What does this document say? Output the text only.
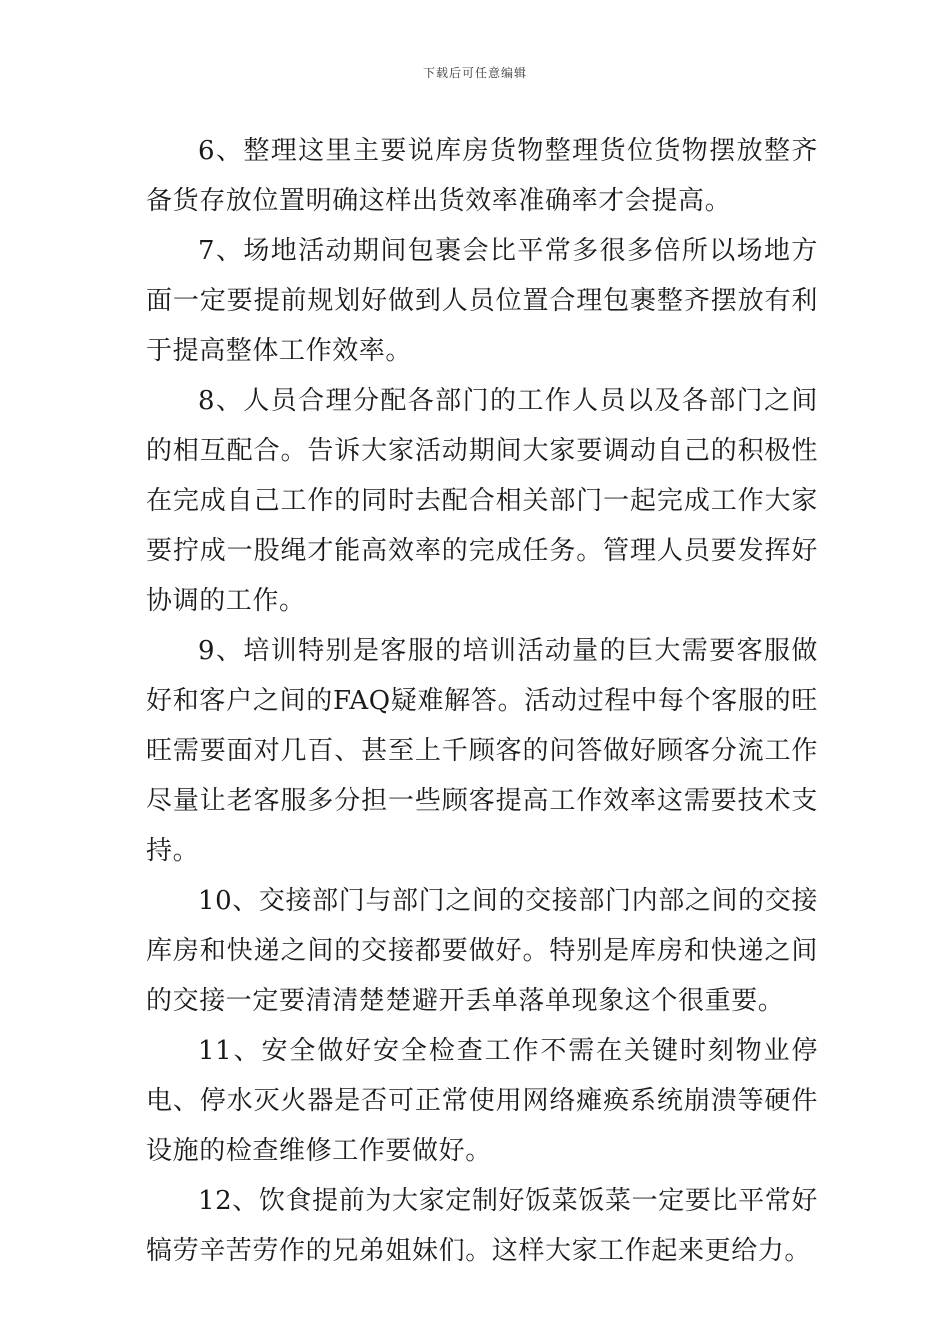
下载后可任意编辑

6、整理这里主要说库房货物整理货位货物摆放整齐备货存放位置明确这样出货效率准确率才会提高。

7、场地活动期间包裹会比平常多很多倍所以场地方面一定要提前规划好做到人员位置合理包裹整齐摆放有利于提高整体工作效率。

8、人员合理分配各部门的工作人员以及各部门之间的相互配合。告诉大家活动期间大家要调动自己的积极性在完成自己工作的同时去配合相关部门一起完成工作大家要拧成一股绳才能高效率的完成任务。管理人员要发挥好协调的工作。

9、培训特别是客服的培训活动量的巨大需要客服做好和客户之间的FAQ疑难解答。活动过程中每个客服的旺旺需要面对几百、甚至上千顾客的问答做好顾客分流工作尽量让老客服多分担一些顾客提高工作效率这需要技术支持。

10、交接部门与部门之间的交接部门内部之间的交接库房和快递之间的交接都要做好。特别是库房和快递之间的交接一定要清清楚楚避开丢单落单现象这个很重要。

11、安全做好安全检查工作不需在关键时刻物业停电、停水灭火器是否可正常使用网络瘫痪系统崩溃等硬件设施的检查维修工作要做好。

12、饮食提前为大家定制好饭菜饭菜一定要比平常好犒劳辛苦劳作的兄弟姐妹们。这样大家工作起来更给力。
